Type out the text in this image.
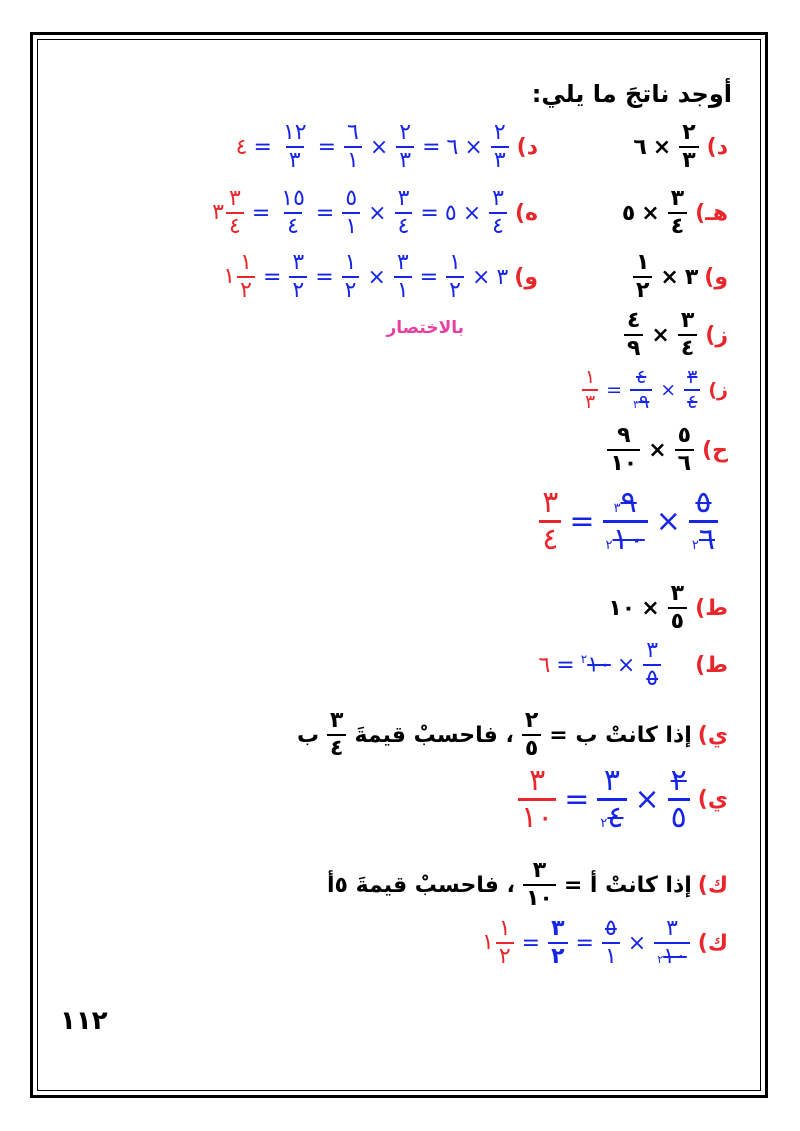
أوجد ناتجَ ما يلي:
د)
$\frac{٢}{٣}$
×
٦
د)
$\frac{٢}{٣}$
×
٦
=
$\frac{٢}{٣}$
×
$\frac{٦}{١}$
=
$\frac{١٢}{٣}$
=
٤
هـ)
$\frac{٣}{٤}$
×
٥
ه)
$\frac{٣}{٤}$
×
٥
=
$\frac{٣}{٤}$
×
$\frac{٥}{١}$
=
$\frac{١٥}{٤}$
=
$\frac{٣}{٤}$
٣
و)
٣
×
$\frac{١}{٢}$
و)
٣
×
$\frac{١}{٢}$
=
$\frac{٣}{١}$
×
$\frac{١}{٢}$
=
$\frac{٣}{٢}$
=
$\frac{١}{٢}$
١
ز)
$\frac{٣}{٤}$
×
$\frac{٤}{٩}$
بالاختصار
ز)
$\frac{٣}{٤}$
×
$\frac{٤}{٣٩}$
=
$\frac{١}{٣}$
ح)
$\frac{٥}{٦}$
×
$\frac{٩}{١٠}$
$\frac{٥}{٢٦}$
×
$\frac{٣٩}{٢١٠}$
=
$\frac{٣}{٤}$
ط)
$\frac{٣}{٥}$
×
١٠
ط)
$\frac{٣}{٥}$
×
$^٢$١٠
=
٦
ي)
إذا كانتْ ب =
$\frac{٢}{٥}$
، فاحسبْ قيمةَ
$\frac{٣}{٤}$
ب
ي)
$\frac{٢}{٥}$
×
$\frac{٣}{٢٤}$
=
$\frac{٣}{١٠}$
ك)
إذا كانتْ أ =
$\frac{٣}{١٠}$
، فاحسبْ قيمةَ ٥أ
ك)
$\frac{٣}{٢١٠}$
×
$\frac{٥}{١}$
=
$\frac{٣}{٢}$
=
$\frac{١}{٢}$
١
١١٢
